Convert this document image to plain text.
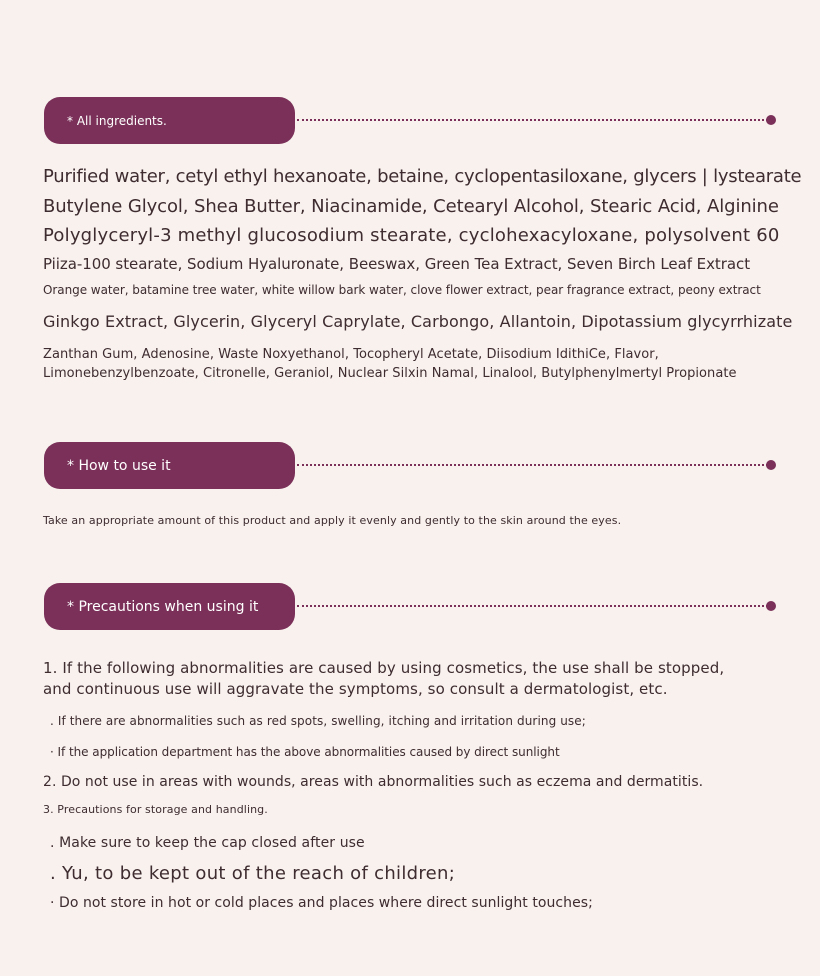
* All ingredients.
Purified water, cetyl ethyl hexanoate, betaine, cyclopentasiloxane, glycers | lystearate
Butylene Glycol, Shea Butter, Niacinamide, Cetearyl Alcohol, Stearic Acid, Alginine
Polyglyceryl-3 methyl glucosodium stearate, cyclohexacyloxane, polysolvent 60
Piiza-100 stearate, Sodium Hyaluronate, Beeswax, Green Tea Extract, Seven Birch Leaf Extract
Orange water, batamine tree water, white willow bark water, clove flower extract, pear fragrance extract, peony extract
Ginkgo Extract, Glycerin, Glyceryl Caprylate, Carbongo, Allantoin, Dipotassium glycyrrhizate
Zanthan Gum, Adenosine, Waste Noxyethanol, Tocopheryl Acetate, Diisodium IdithiCe, Flavor,
Limonebenzylbenzoate, Citronelle, Geraniol, Nuclear Silxin Namal, Linalool, Butylphenylmertyl Propionate
* How to use it
Take an appropriate amount of this product and apply it evenly and gently to the skin around the eyes.
* Precautions when using it
1. If the following abnormalities are caused by using cosmetics, the use shall be stopped,
and continuous use will aggravate the symptoms, so consult a dermatologist, etc.
. If there are abnormalities such as red spots, swelling, itching and irritation during use;
· If the application department has the above abnormalities caused by direct sunlight
2. Do not use in areas with wounds, areas with abnormalities such as eczema and dermatitis.
3. Precautions for storage and handling.
. Make sure to keep the cap closed after use
. Yu, to be kept out of the reach of children;
· Do not store in hot or cold places and places where direct sunlight touches;
